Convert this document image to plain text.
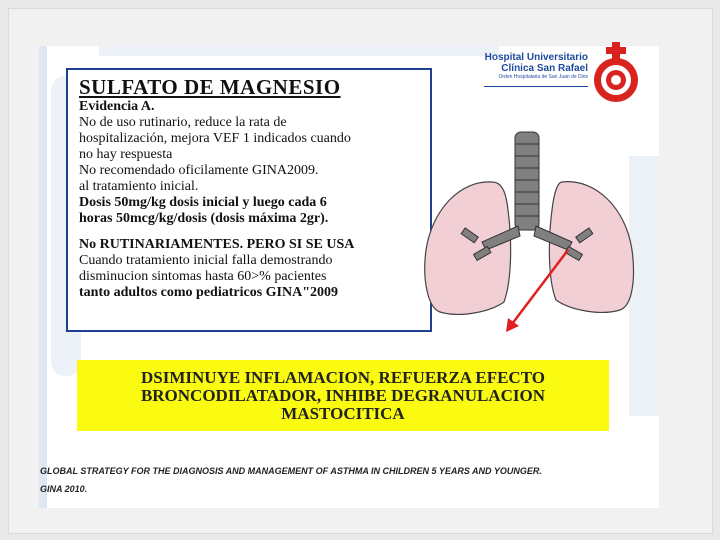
SULFATO DE MAGNESIO
Evidencia A.
No de uso rutinario, reduce la rata de
hospitalización, mejora VEF 1 indicados cuando
no hay respuesta
No recomendado oficilamente GINA2009.
al tratamiento inicial.
Dosis 50mg/kg dosis inicial y luego cada 6
horas 50mcg/kg/dosis (dosis máxima 2gr).
No RUTINARIAMENTES. PERO SI SE USA
Cuando tratamiento inicial falla demostrando
disminucion sintomas hasta 60>% pacientes
tanto adultos como pediatricos GINA"2009
Hospital Universitario
Clínica San Rafael
Orden Hospitalaria de San Juan de Dios
DSIMINUYE INFLAMACION, REFUERZA EFECTO
BRONCODILATADOR, INHIBE DEGRANULACION
MASTOCITICA
GLOBAL STRATEGY FOR THE DIAGNOSIS AND MANAGEMENT OF ASTHMA IN CHILDREN 5 YEARS AND YOUNGER.
GINA 2010.
